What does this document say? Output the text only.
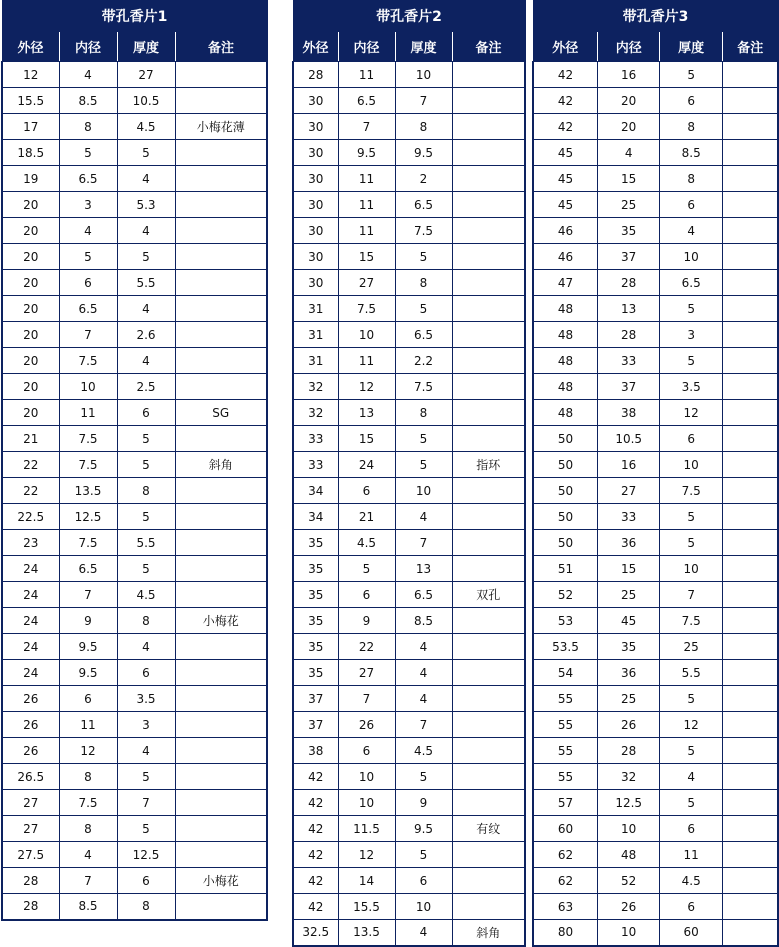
带孔香片1			
外径	内径	厚度	备注
12	4	27	
15.5	8.5	10.5	
17	8	4.5	小梅花薄
18.5	5	5	
19	6.5	4	
20	3	5.3	
20	4	4	
20	5	5	
20	6	5.5	
20	6.5	4	
20	7	2.6	
20	7.5	4	
20	10	2.5	
20	11	6	SG
21	7.5	5	
22	7.5	5	斜角
22	13.5	8	
22.5	12.5	5	
23	7.5	5.5	
24	6.5	5	
24	7	4.5	
24	9	8	小梅花
24	9.5	4	
24	9.5	6	
26	6	3.5	
26	11	3	
26	12	4	
26.5	8	5	
27	7.5	7	
27	8	5	
27.5	4	12.5	
28	7	6	小梅花
28	8.5	8	
带孔香片2			
外径	内径	厚度	备注
28	11	10	
30	6.5	7	
30	7	8	
30	9.5	9.5	
30	11	2	
30	11	6.5	
30	11	7.5	
30	15	5	
30	27	8	
31	7.5	5	
31	10	6.5	
31	11	2.2	
32	12	7.5	
32	13	8	
33	15	5	
33	24	5	指环
34	6	10	
34	21	4	
35	4.5	7	
35	5	13	
35	6	6.5	双孔
35	9	8.5	
35	22	4	
35	27	4	
37	7	4	
37	26	7	
38	6	4.5	
42	10	5	
42	10	9	
42	11.5	9.5	有纹
42	12	5	
42	14	6	
42	15.5	10	
32.5	13.5	4	斜角
带孔香片3			
外径	内径	厚度	备注
42	16	5	
42	20	6	
42	20	8	
45	4	8.5	
45	15	8	
45	25	6	
46	35	4	
46	37	10	
47	28	6.5	
48	13	5	
48	28	3	
48	33	5	
48	37	3.5	
48	38	12	
50	10.5	6	
50	16	10	
50	27	7.5	
50	33	5	
50	36	5	
51	15	10	
52	25	7	
53	45	7.5	
53.5	35	25	
54	36	5.5	
55	25	5	
55	26	12	
55	28	5	
55	32	4	
57	12.5	5	
60	10	6	
62	48	11	
62	52	4.5	
63	26	6	
80	10	60	
